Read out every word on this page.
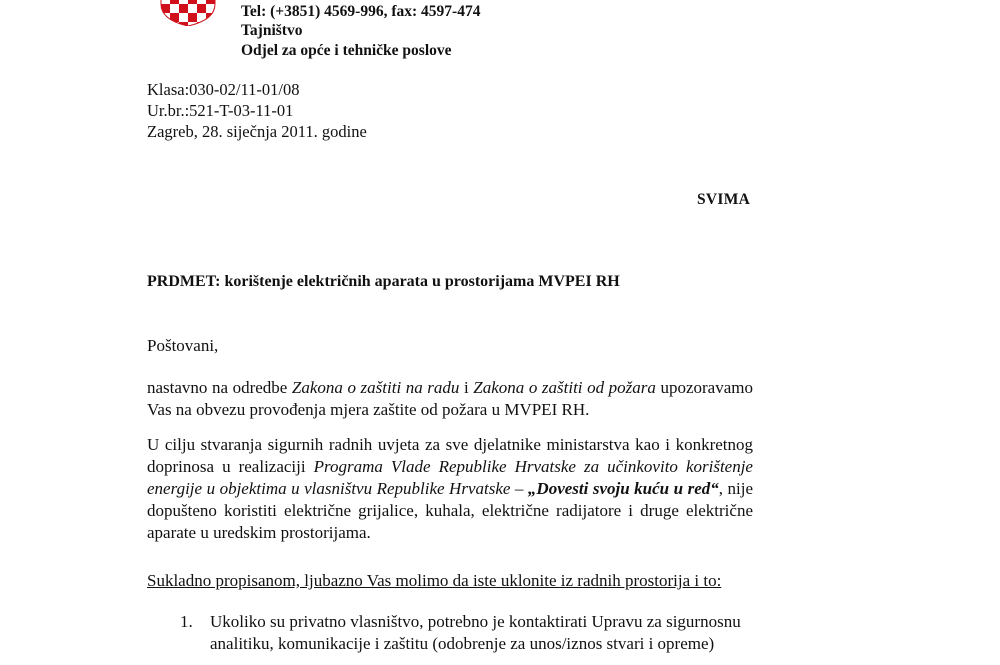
Tel: (+3851) 4569-996, fax: 4597-474
Tajništvo
Odjel za opće i tehničke poslove
Klasa:030-02/11-01/08
Ur.br.:521-T-03-11-01
Zagreb, 28. siječnja 2011. godine
SVIMA
PRDMET: korištenje električnih aparata u prostorijama MVPEI RH
Poštovani,
nastavno na odredbe Zakona o zaštiti na radu i Zakona o zaštiti od požara upozoravamo Vas na obvezu provođenja mjera zaštite od požara u MVPEI RH.
U cilju stvaranja sigurnih radnih uvjeta za sve djelatnike ministarstva kao i konkretnog doprinosa u realizaciji Programa Vlade Republike Hrvatske za učinkovito korištenje energije u objektima u vlasništvu Republike Hrvatske – „Dovesti svoju kuću u red“, nije dopušteno koristiti električne grijalice, kuhala, električne radijatore i druge električne aparate u uredskim prostorijama.
Sukladno propisanom, ljubazno Vas molimo da iste uklonite iz radnih prostorija i to:
1. Ukoliko su privatno vlasništvo, potrebno je kontaktirati Upravu za sigurnosnu
analitiku, komunikacije i zaštitu (odobrenje za unos/iznos stvari i opreme)
